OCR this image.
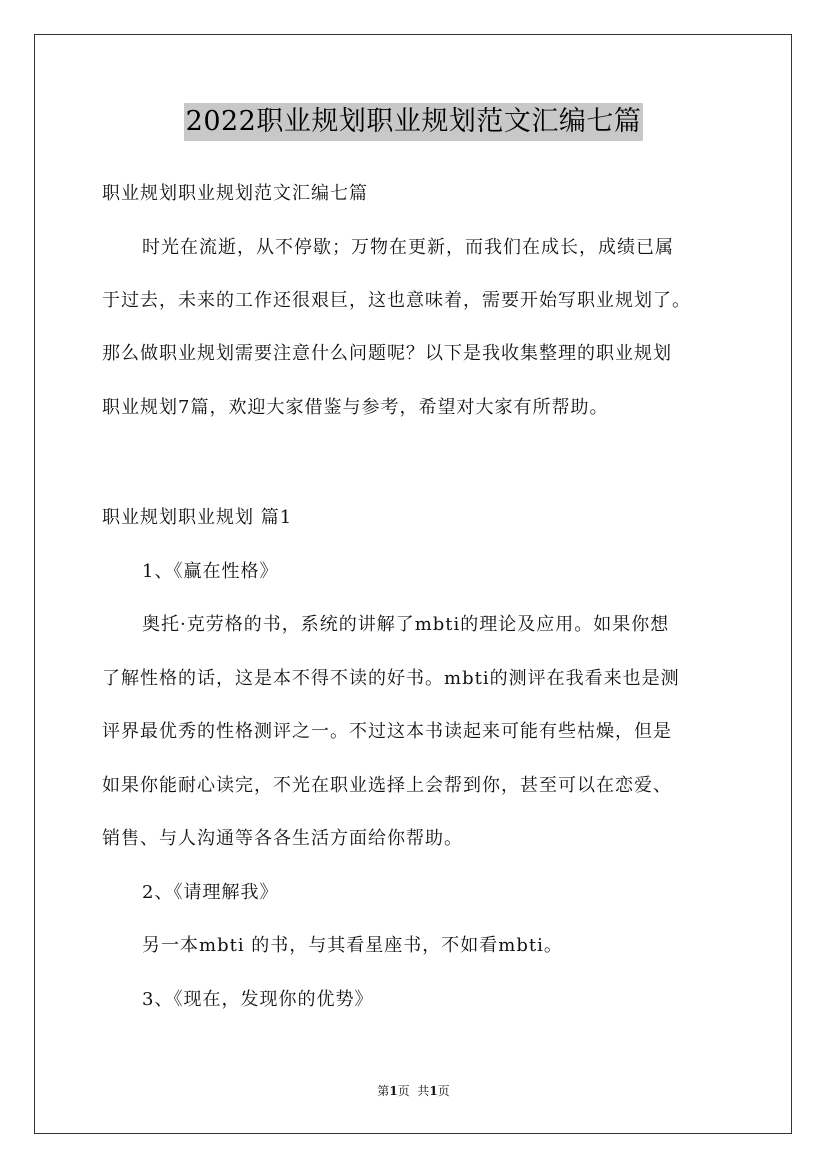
2022职业规划职业规划范文汇编七篇
职业规划职业规划范文汇编七篇
时光在流逝，从不停歇；万物在更新，而我们在成长，成绩已属
于过去，未来的工作还很艰巨，这也意味着，需要开始写职业规划了。
那么做职业规划需要注意什么问题呢？以下是我收集整理的职业规划
职业规划7篇，欢迎大家借鉴与参考，希望对大家有所帮助。
职业规划职业规划 篇1
1、《赢在性格》
奥托·克劳格的书，系统的讲解了mbti的理论及应用。如果你想
了解性格的话，这是本不得不读的好书。mbti的测评在我看来也是测
评界最优秀的性格测评之一。不过这本书读起来可能有些枯燥，但是
如果你能耐心读完，不光在职业选择上会帮到你，甚至可以在恋爱、
销售、与人沟通等各各生活方面给你帮助。
2、《请理解我》
另一本mbti 的书，与其看星座书，不如看mbti。
3、《现在，发现你的优势》
第1页  共1页
